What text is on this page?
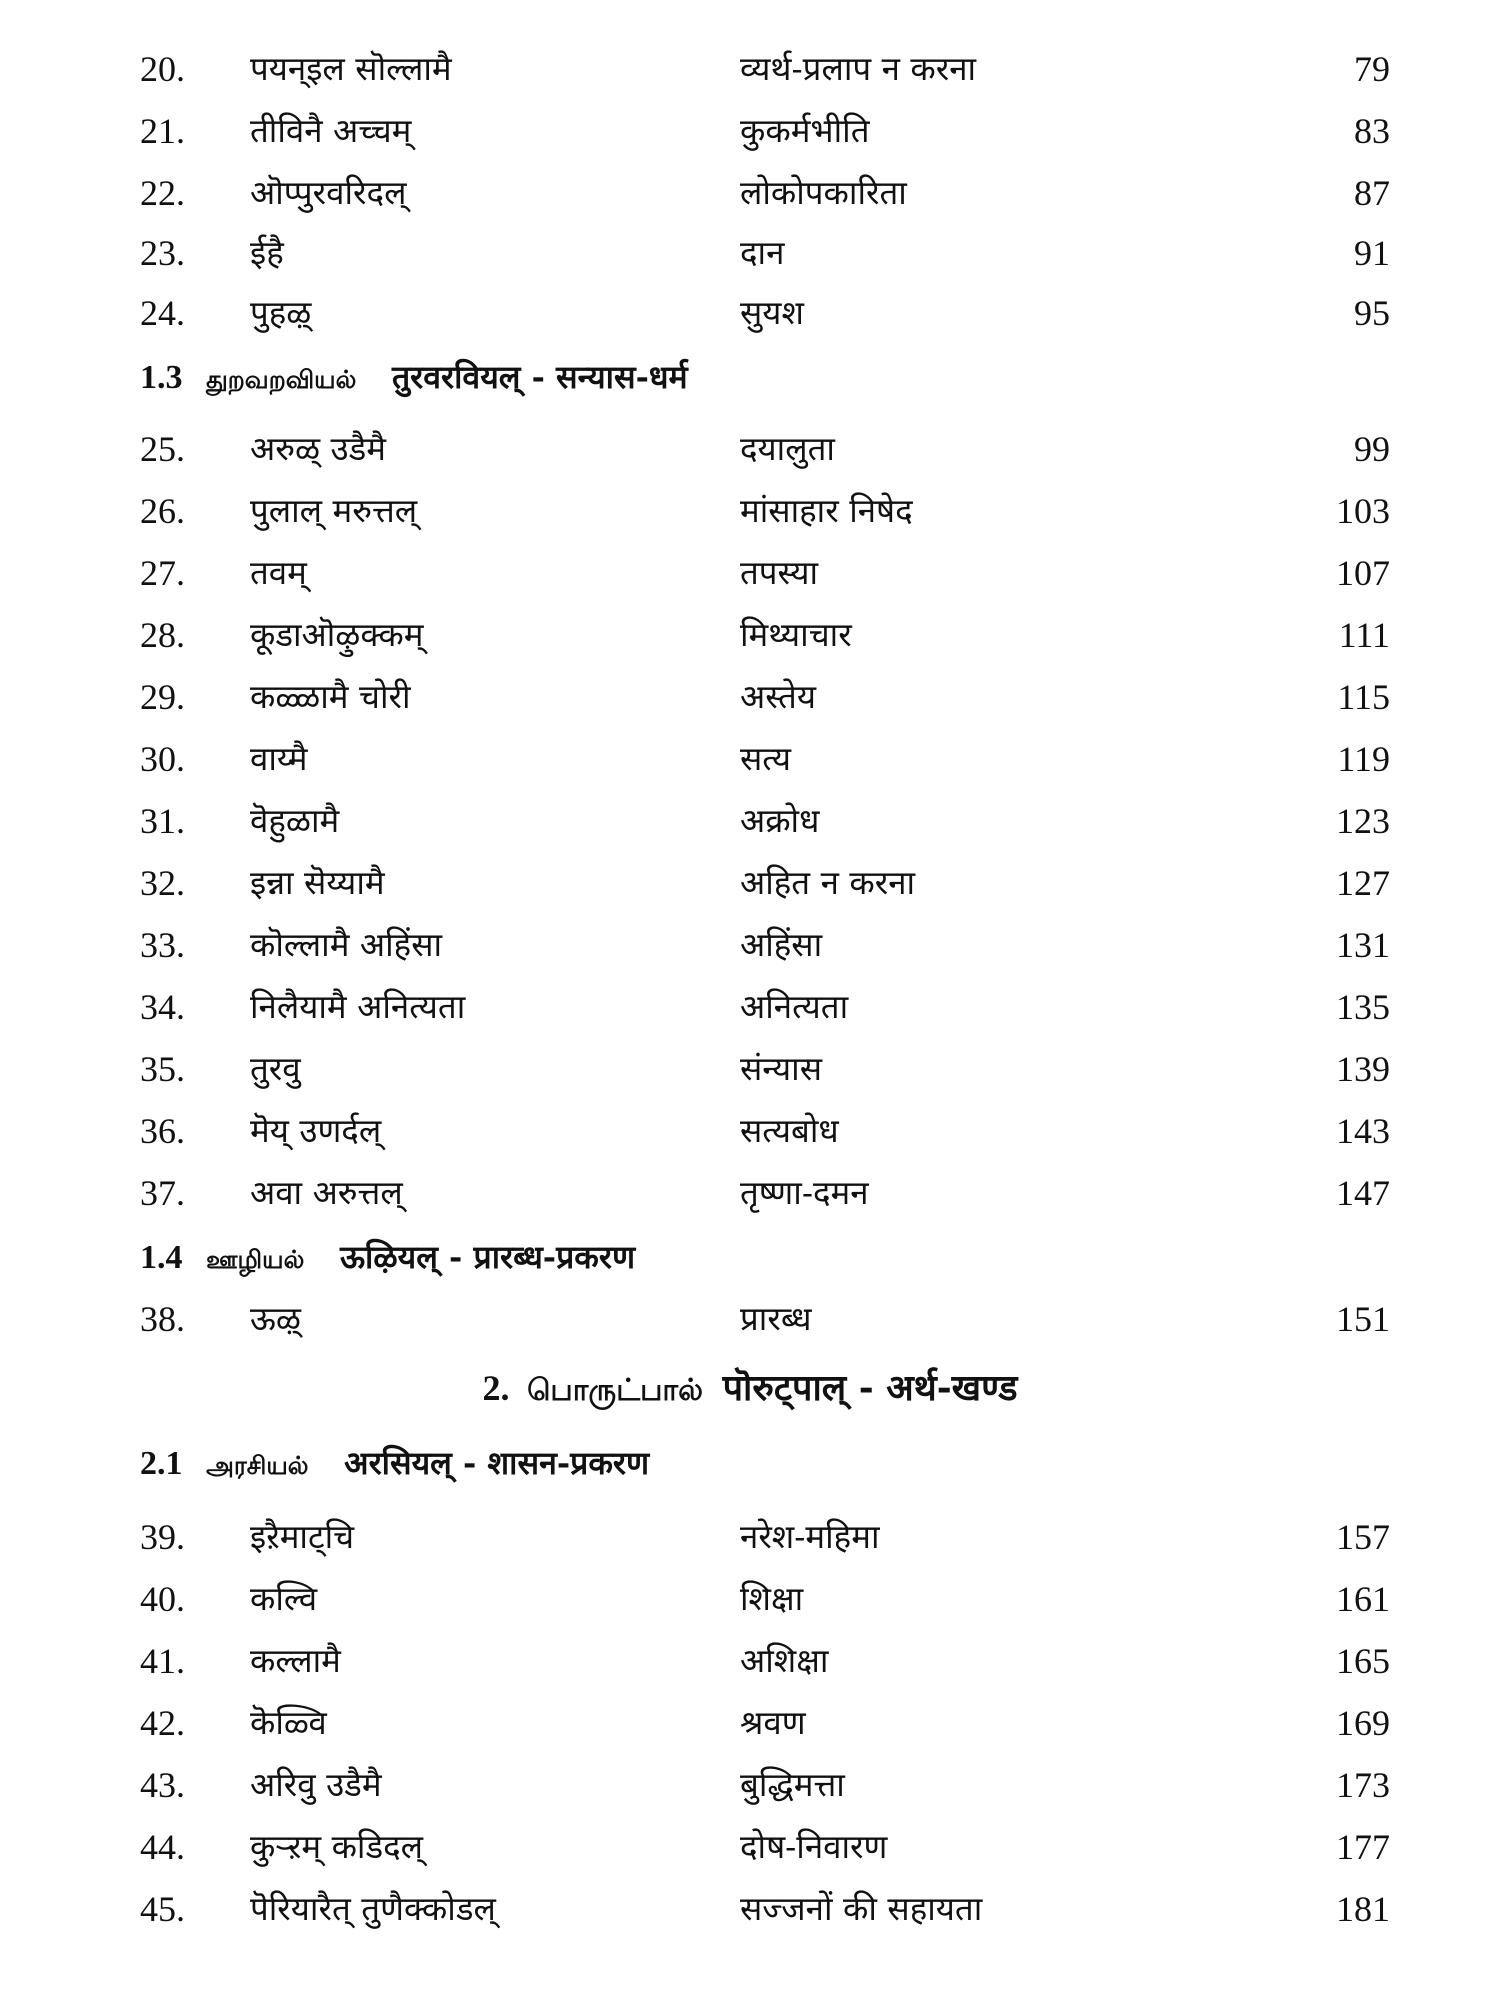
20.	पयन्इल सॊल्लामै	व्यर्थ-प्रलाप न करना	79
21.	तीविनै अच्चम्	कुकर्मभीति	83
22.	ऒप्पुरवरिदल्	लोकोपकारिता	87
23.	ईहै	दान	91
24.	पुहऴ्	सुयश	95
1.3 துறவறவியல் तुरवरवियल् - सन्यास-धर्म
25.	अरुळ् उडैमै	दयालुता	99
26.	पुलाल् मरुत्तल्	मांसाहार निषेद	103
27.	तवम्	तपस्या	107
28.	कूडाऒऴुक्कम्	मिथ्याचार	111
29.	कळ्ळामै चोरी	अस्तेय	115
30.	वाय्मै	सत्य	119
31.	वॆहुळामै	अक्रोध	123
32.	इन्ना सॆय्यामै	अहित न करना	127
33.	कॊल्लामै अहिंसा	अहिंसा	131
34.	निलैयामै अनित्यता	अनित्यता	135
35.	तुरवु	संन्यास	139
36.	मॆय् उणर्दल्	सत्यबोध	143
37.	अवा अरुत्तल्	तृष्णा-दमन	147
1.4 ஊழியல் ऊऴियल् - प्रारब्ध-प्रकरण
38.	ऊऴ्	प्रारब्ध	151
2. பொருட்பால் पॊरुट्पाल् - अर्थ-खण्ड
2.1 அரசியல் अरसियल् - शासन-प्रकरण
39.	इऱैमाट्चि	नरेश-महिमा	157
40.	कल्वि	शिक्षा	161
41.	कल्लामै	अशिक्षा	165
42.	कॆळ्वि	श्रवण	169
43.	अरिवु उडैमै	बुद्धिमत्ता	173
44.	कुऱ्ऱम् कडिदल्	दोष-निवारण	177
45.	पॆरियारैत् तुणैक्कोडल्	सज्जनों की सहायता	181
